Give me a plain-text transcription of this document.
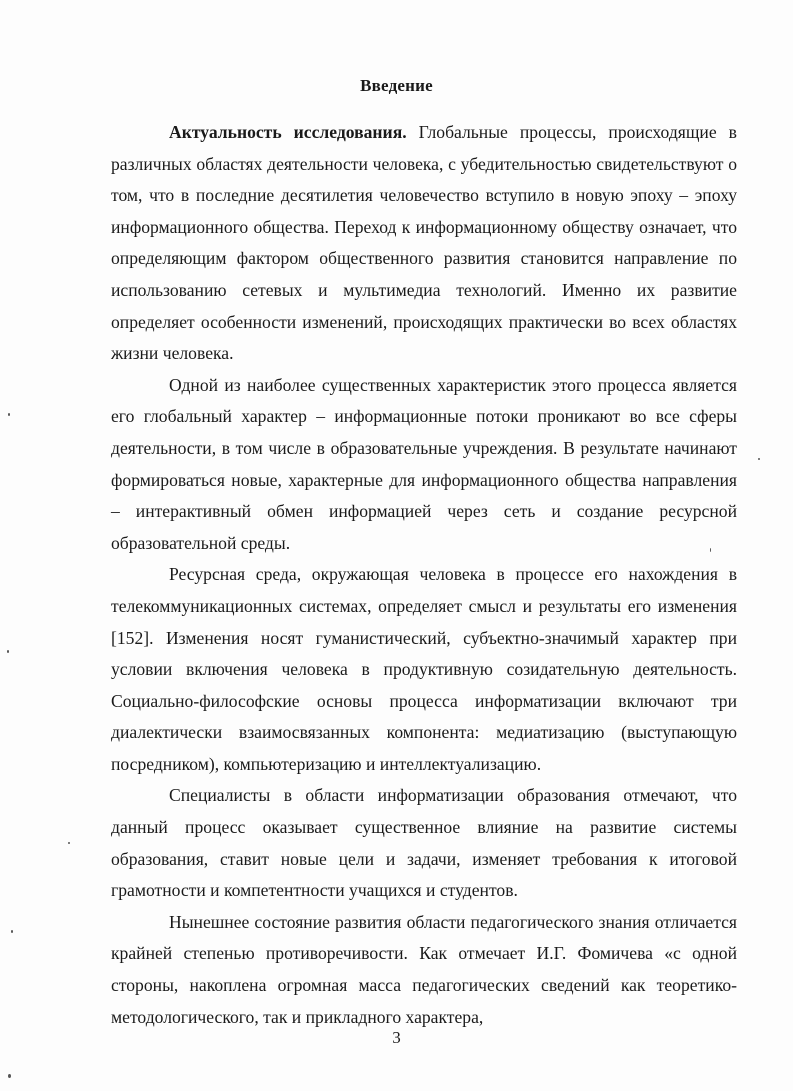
Введение

Актуальность исследования. Глобальные процессы, происходящие в различных областях деятельности человека, с убедительностью свидетельствуют о том, что в последние десятилетия человечество вступило в новую эпоху – эпоху информационного общества. Переход к информационному обществу означает, что определяющим фактором общественного развития становится направление по использованию сетевых и мультимедиа технологий. Именно их развитие определяет особенности изменений, происходящих практически во всех областях жизни человека.

Одной из наиболее существенных характеристик этого процесса является его глобальный характер – информационные потоки проникают во все сферы деятельности, в том числе в образовательные учреждения. В результате начинают формироваться новые, характерные для информационного общества направления – интерактивный обмен информацией через сеть и создание ресурсной образовательной среды.

Ресурсная среда, окружающая человека в процессе его нахождения в телекоммуникационных системах, определяет смысл и результаты его изменения [152]. Изменения носят гуманистический, субъектно-значимый характер при условии включения человека в продуктивную созидательную деятельность. Социально-философские основы процесса информатизации включают три диалектически взаимосвязанных компонента: медиатизацию (выступающую посредником), компьютеризацию и интеллектуализацию.

Специалисты в области информатизации образования отмечают, что данный процесс оказывает существенное влияние на развитие системы образования, ставит новые цели и задачи, изменяет требования к итоговой грамотности и компетентности учащихся и студентов.

Нынешнее состояние развития области педагогического знания отличается крайней степенью противоречивости. Как отмечает И.Г. Фомичева «с одной стороны, накоплена огромная масса педагогических сведений как теоретико-методологического, так и прикладного характера,

3
